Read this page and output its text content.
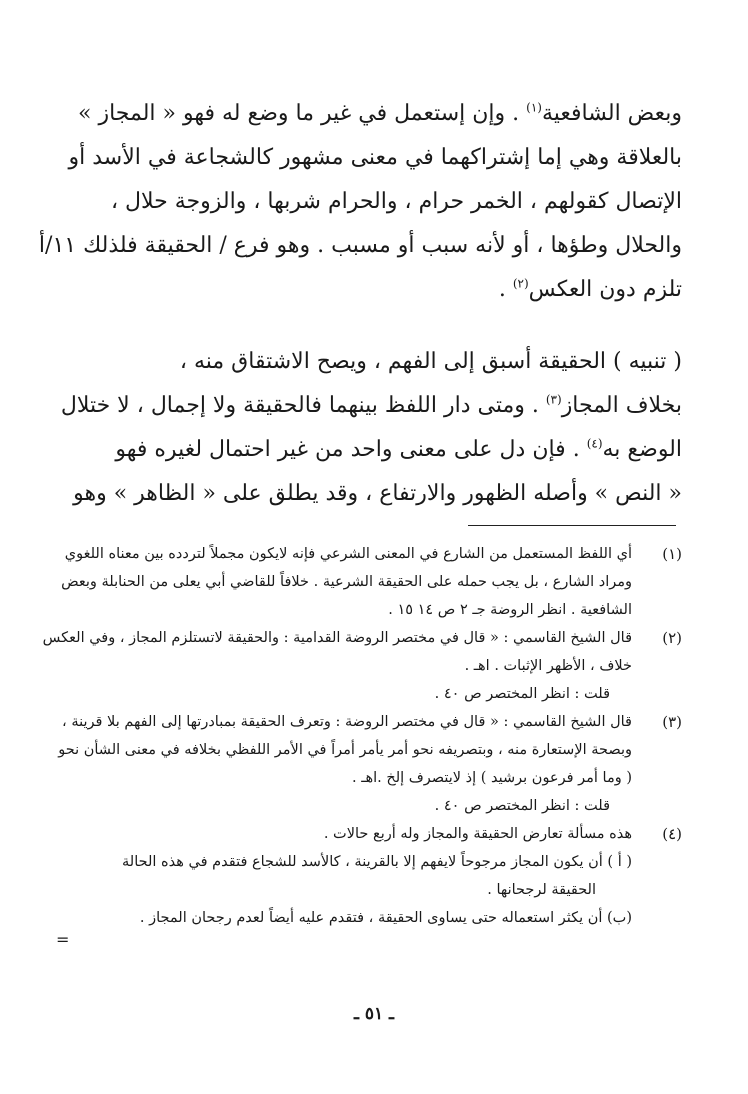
وبعض الشافعية$^{(١)}$ . وإن إستعمل في غير ما وضع له فهو « المجاز »
بالعلاقة وهي إما إشتراكهما في معنى مشهور كالشجاعة في الأسد أو
الإتصال كقولهم ، الخمر حرام ، والحرام شربها ، والزوجة حلال ،
والحلال وطؤها ، أو لأنه سبب أو مسبب . وهو فرع / الحقيقة فلذلك ١١/أ
تلزم دون العكس$^{(٢)}$ .
( تنبيه ) الحقيقة أسبق إلى الفهم ، ويصح الاشتقاق منه ،
بخلاف المجاز$^{(٣)}$ . ومتى دار اللفظ بينهما فالحقيقة ولا إجمال ، لا ختلال
الوضع به$^{(٤)}$ . فإن دل على معنى واحد من غير احتمال لغيره فهو
« النص » وأصله الظهور والارتفاع ، وقد يطلق على « الظاهر » وهو
(١)
أي اللفظ المستعمل من الشارع في المعنى الشرعي فإنه لايكون مجملاً لتردده بين معناه اللغوي
ومراد الشارع ، بل يجب حمله على الحقيقة الشرعية . خلافاً للقاضي أبي يعلى من الحنابلة وبعض
الشافعية . انظر الروضة جـ ٢ ص ١٤ ١٥ .
(٢)
قال الشيخ القاسمي : « قال في مختصر الروضة القدامية : والحقيقة لاتستلزم المجاز ، وفي العكس
خلاف ، الأظهر الإثبات . اهـ .
قلت : انظر المختصر ص ٤٠ .
(٣)
قال الشيخ القاسمي : « قال في مختصر الروضة : وتعرف الحقيقة بمبادرتها إلى الفهم بلا قرينة ،
وبصحة الإستعارة منه ، وبتصريفه نحو أمر يأمر أمراً في الأمر اللفظي بخلافه في معنى الشأن نحو
( وما أمر فرعون برشيد ) إذ لايتصرف إلخ .اهـ .
قلت : انظر المختصر ص ٤٠ .
(٤)
هذه مسألة تعارض الحقيقة والمجاز وله أربع حالات .
( أ ) أن يكون المجاز مرجوحاً لايفهم إلا بالقرينة ، كالأسد للشجاع فتقدم في هذه الحالة
الحقيقة لرجحانها .
(ب) أن يكثر استعماله حتى يساوى الحقيقة ، فتقدم عليه أيضاً لعدم رجحان المجاز .
=
ـ ٥١ ـ
